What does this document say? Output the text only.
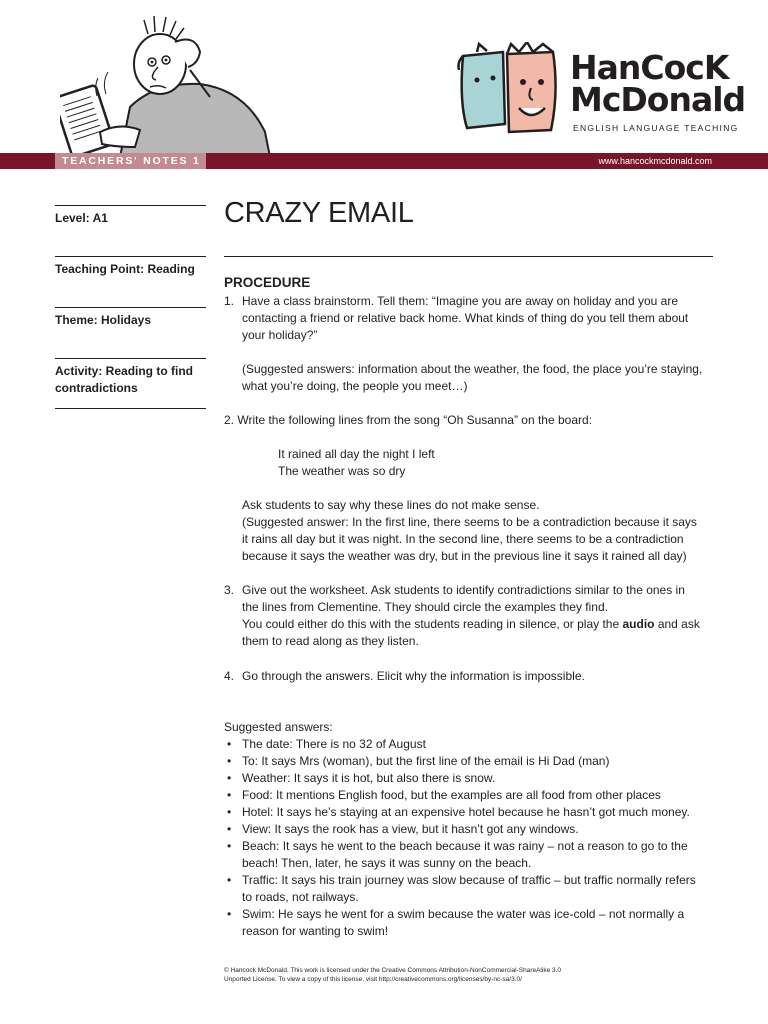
HanCocK
McDonald
ENGLISH LANGUAGE TEACHING
TEACHERS' NOTES 1	www.hancockmcdonald.com
Level: A1
Teaching Point: Reading
Theme: Holidays
Activity: Reading to find contradictions
CRAZY EMAIL
PROCEDURE
1. Have a class brainstorm. Tell them: “Imagine you are away on holiday and you are
contacting a friend or relative back home. What kinds of thing do you tell them about
your holiday?”
(Suggested answers: information about the weather, the food, the place you’re staying,
what you’re doing, the people you meet…)
2. Write the following lines from the song “Oh Susanna” on the board:
It rained all day the night I left
The weather was so dry
Ask students to say why these lines do not make sense.
(Suggested answer: In the first line, there seems to be a contradiction because it says
it rains all day but it was night. In the second line, there seems to be a contradiction
because it says the weather was dry, but in the previous line it says it rained all day)
3. Give out the worksheet. Ask students to identify contradictions similar to the ones in
the lines from Clementine. They should circle the examples they find.
You could either do this with the students reading in silence, or play the audio and ask
them to read along as they listen.
4. Go through the answers. Elicit why the information is impossible.
Suggested answers:
• The date: There is no 32 of August
• To: It says Mrs (woman), but the first line of the email is Hi Dad (man)
• Weather: It says it is hot, but also there is snow.
• Food: It mentions English food, but the examples are all food from other places
• Hotel: It says he’s staying at an expensive hotel because he hasn’t got much money.
• View: It says the rook has a view, but it hasn’t got any windows.
• Beach: It says he went to the beach because it was rainy – not a reason to go to the
beach! Then, later, he says it was sunny on the beach.
• Traffic: It says his train journey was slow because of traffic – but traffic normally refers
to roads, not railways.
• Swim: He says he went for a swim because the water was ice-cold – not normally a
reason for wanting to swim!
© Hancock McDonald. This work is licensed under the Creative Commons Attribution-NonCommercial-ShareAlike 3.0
Unported License. To view a copy of this license, visit http://creativecommons.org/licenses/by-nc-sa/3.0/
